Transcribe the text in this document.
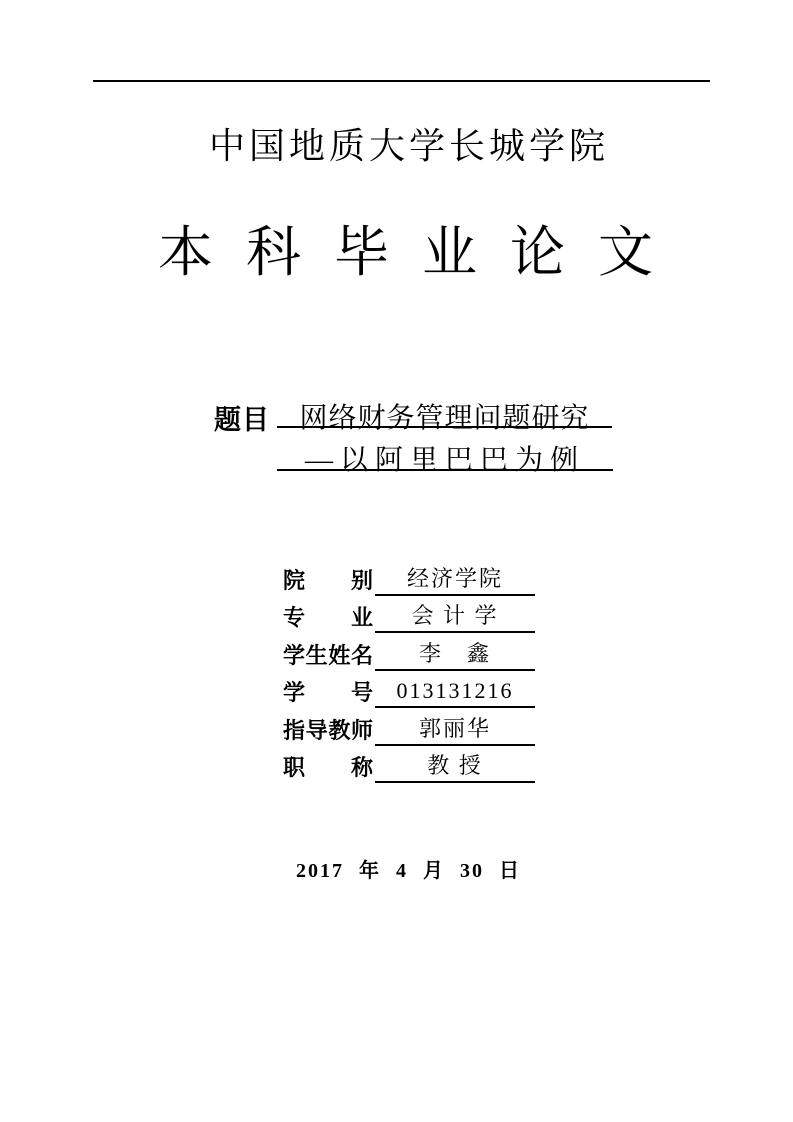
中国地质大学长城学院
本科毕业论文
题目	网络财务管理问题研究
—以阿里巴巴为例
院 别	经济学院
专 业	会 计 学
学 生 姓 名	李　鑫
学 号	013131216
指 导 教 师	郭丽华
职 称	教 授
2017 年 4 月 30 日
